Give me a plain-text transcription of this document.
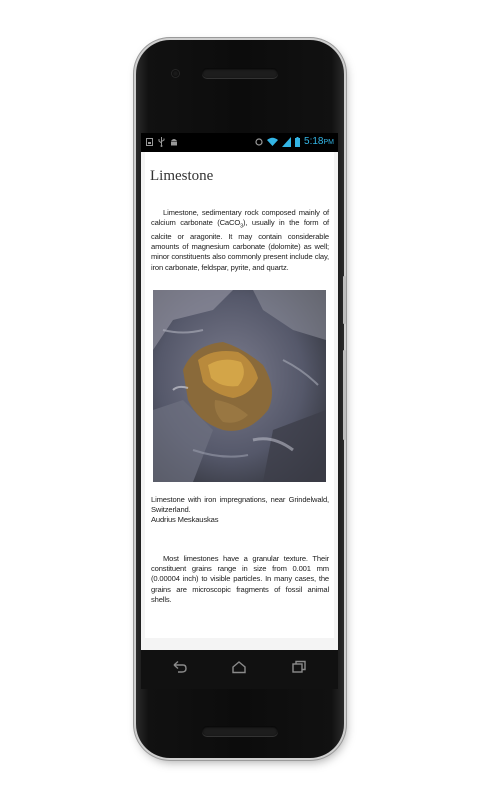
5:18PM
Limestone
Limestone, sedimentary rock composed mainly of calcium carbonate (CaCO$_3$), usually in the form of calcite or aragonite. It may contain considerable amounts of magnesium carbonate (dolomite) as well; minor constituents also commonly present include clay, iron carbonate, feldspar, pyrite, and quartz.
Limestone with iron impregnations, near Grindelwald, Switzerland.
Audrius Meskauskas
Most limestones have a granular texture. Their constituent grains range in size from 0.001 mm (0.00004 inch) to visible particles. In many cases, the grains are microscopic fragments of fossil animal shells.
